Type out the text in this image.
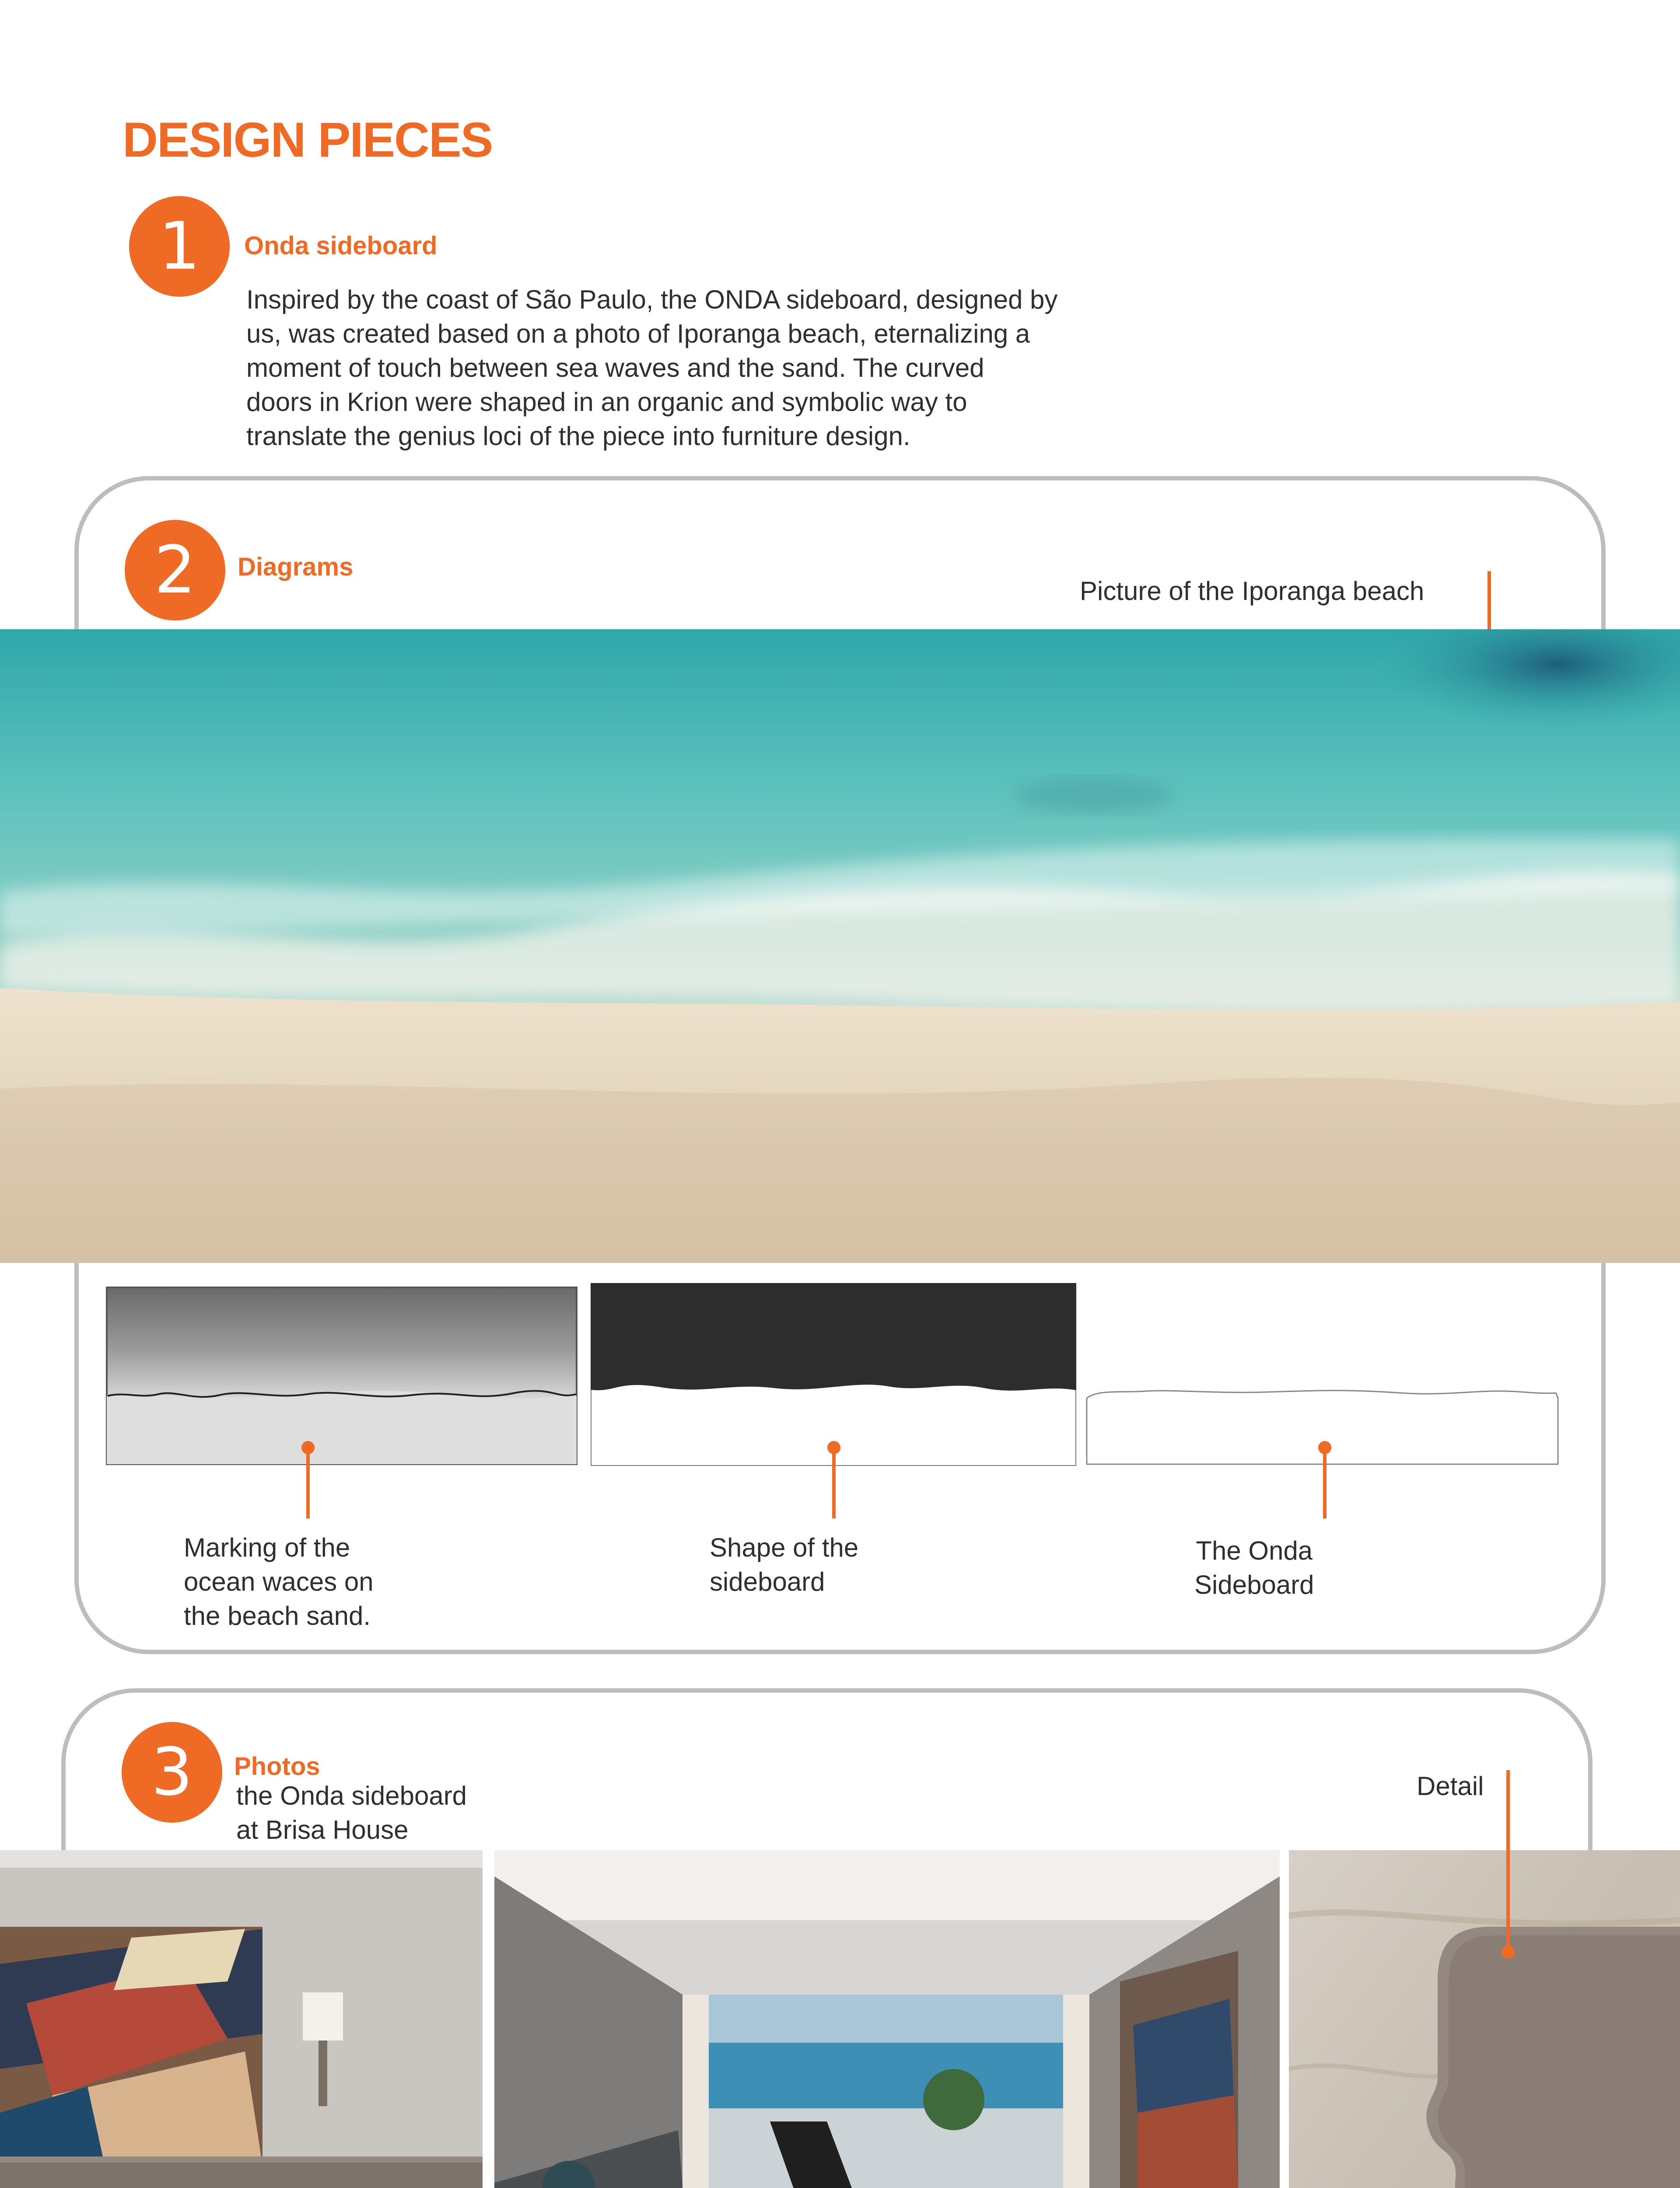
DESIGN PIECES
1	Onda sideboard
Inspired by the coast of São Paulo, the ONDA sideboard, designed by
us, was created based on a photo of Iporanga beach, eternalizing a
moment of touch between sea waves and the sand. The curved
doors in Krion were shaped in an organic and symbolic way to
translate the genius loci of the piece into furniture design.
2	Diagrams
Picture of the Iporanga beach
Marking of the
ocean waces on
the beach sand.
Shape of the
sideboard
The Onda
Sideboard
3	Photos
the Onda sideboard
at Brisa House
Detail
